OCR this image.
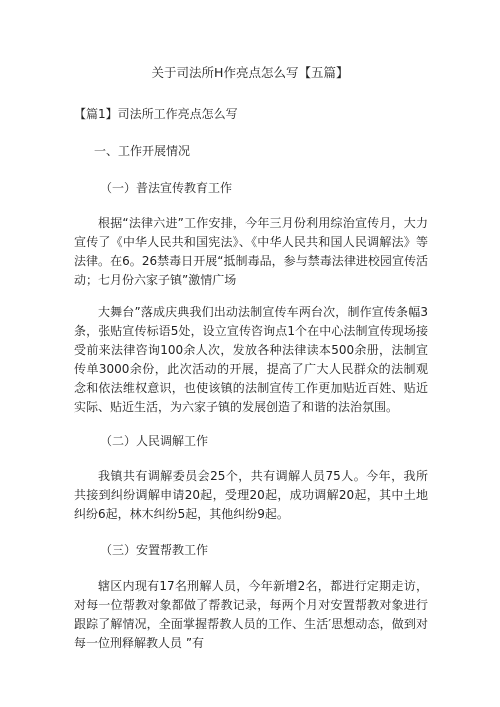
关于司法所H作亮点怎么写【五篇】
【篇1】司法所工作亮点怎么写
一、工作开展情况
（一）普法宣传教育工作
根据“法律六进”工作安排，今年三月份利用综治宣传月，大力宣传了《中华人民共和国宪法》、《中华人民共和国人民调解法》等法律。在6。26禁毒日开展“抵制毒品，参与禁毒法律进校园宣传活动；七月份六家子镇”激情广场
大舞台”落成庆典我们出动法制宣传车两台次，制作宣传条幅3条，张贴宣传标语5处，设立宣传咨询点1个在中心法制宣传现场接受前来法律咨询100余人次，发放各种法律读本500余册，法制宣传单3000余份，此次活动的开展，提高了广大人民群众的法制观念和依法维权意识，也使该镇的法制宣传工作更加贴近百姓、贴近实际、贴近生活，为六家子镇的发展创造了和谐的法治氛围。
（二）人民调解工作
我镇共有调解委员会25个，共有调解人员75人。今年，我所共接到纠纷调解申请20起，受理20起，成功调解20起，其中土地纠纷6起，林木纠纷5起，其他纠纷9起。
（三）安置帮教工作
辖区内现有17名刑解人员，今年新增2名，都进行定期走访，对每一位帮教对象都做了帮教记录，每两个月对安置帮教对象进行跟踪了解情况，全面掌握帮教人员的工作、生活′思想动态，做到对每一位刑释解教人员 ”有
